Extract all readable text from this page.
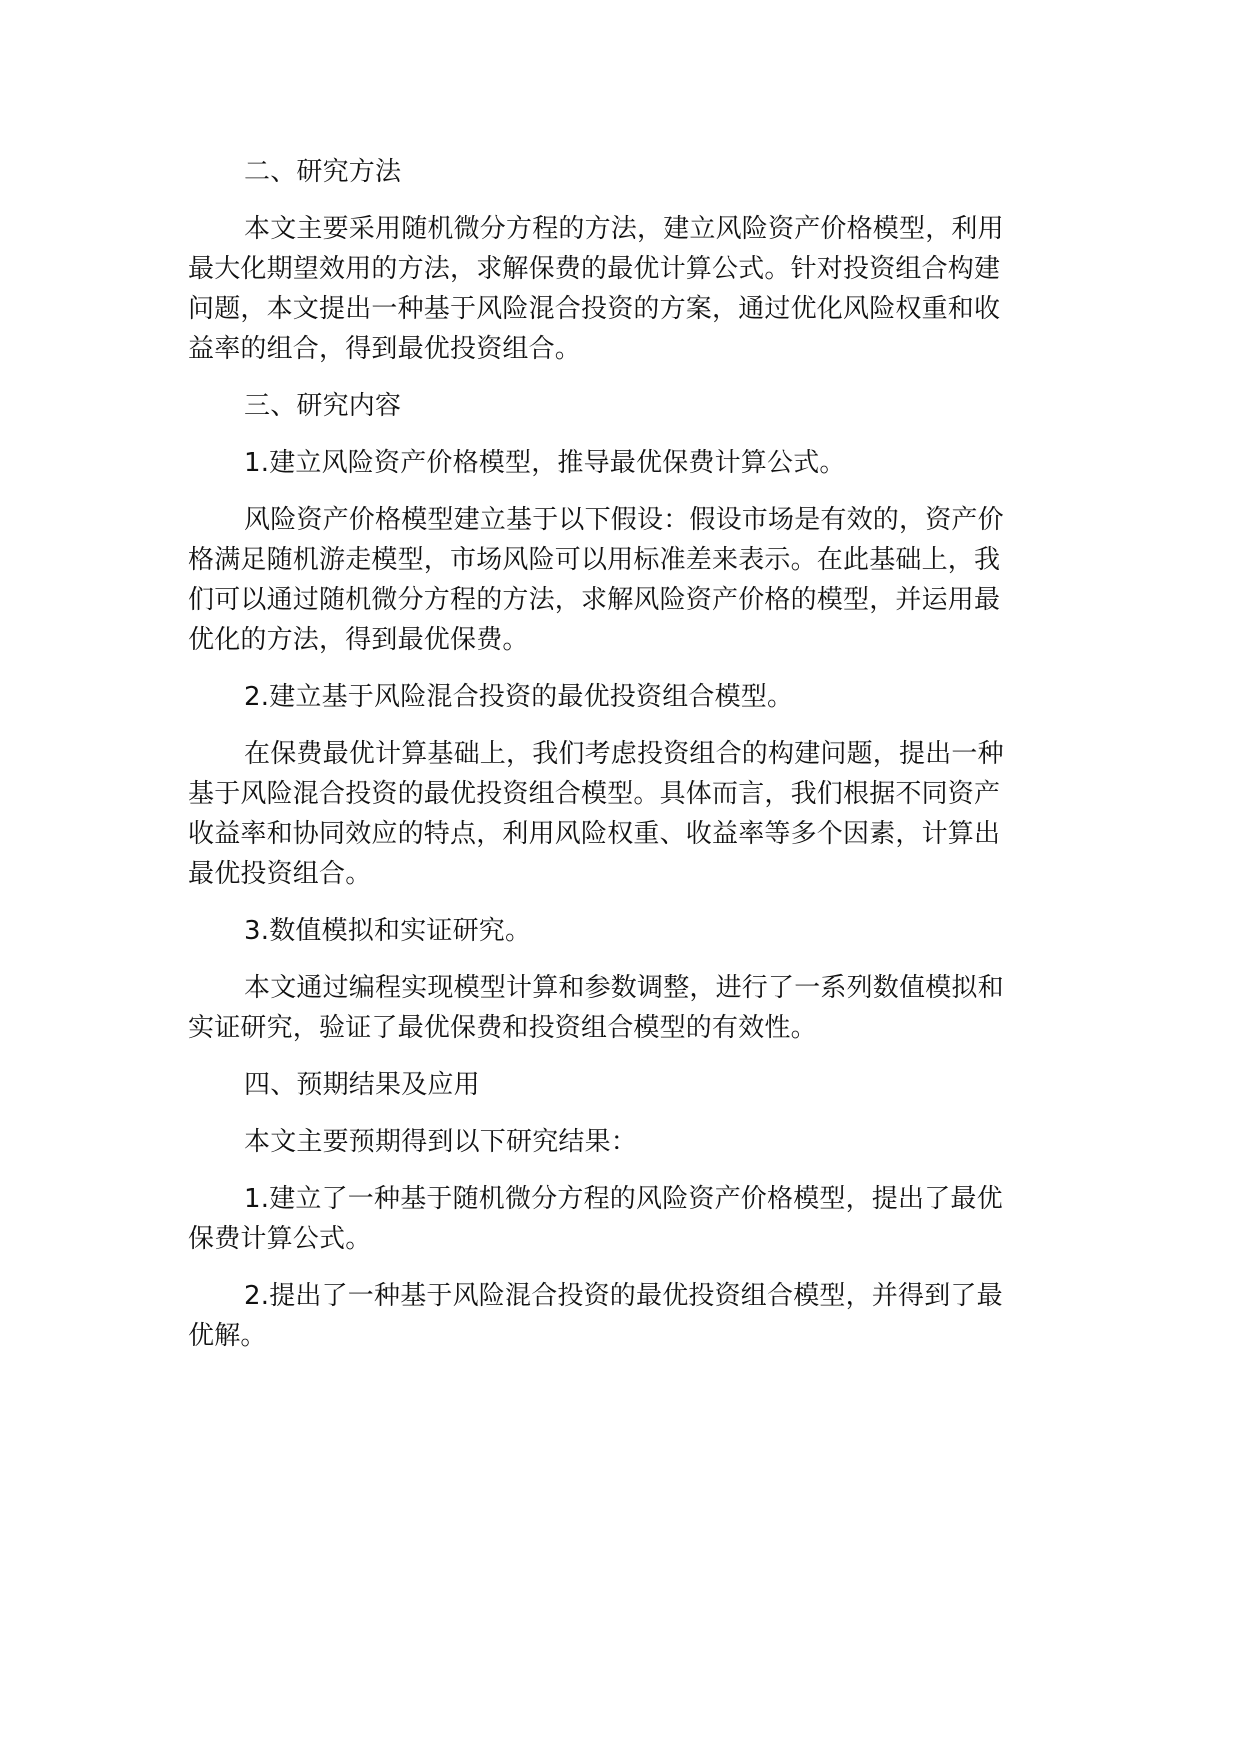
二、研究方法

本文主要采用随机微分方程的方法，建立风险资产价格模型，利用
最大化期望效用的方法，求解保费的最优计算公式。针对投资组合构建
问题，本文提出一种基于风险混合投资的方案，通过优化风险权重和收
益率的组合，得到最优投资组合。

三、研究内容

1.建立风险资产价格模型，推导最优保费计算公式。

风险资产价格模型建立基于以下假设：假设市场是有效的，资产价
格满足随机游走模型，市场风险可以用标准差来表示。在此基础上，我
们可以通过随机微分方程的方法，求解风险资产价格的模型，并运用最
优化的方法，得到最优保费。

2.建立基于风险混合投资的最优投资组合模型。

在保费最优计算基础上，我们考虑投资组合的构建问题，提出一种
基于风险混合投资的最优投资组合模型。具体而言，我们根据不同资产
收益率和协同效应的特点，利用风险权重、收益率等多个因素，计算出
最优投资组合。

3.数值模拟和实证研究。

本文通过编程实现模型计算和参数调整，进行了一系列数值模拟和
实证研究，验证了最优保费和投资组合模型的有效性。

四、预期结果及应用

本文主要预期得到以下研究结果：

1.建立了一种基于随机微分方程的风险资产价格模型，提出了最优
保费计算公式。

2.提出了一种基于风险混合投资的最优投资组合模型，并得到了最
优解。
